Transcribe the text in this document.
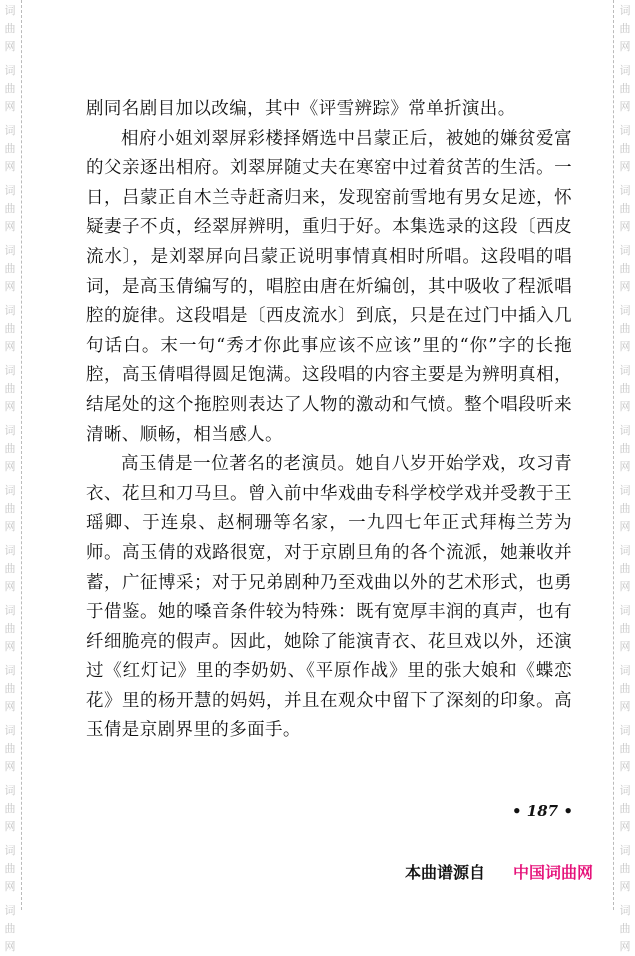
词
曲
网
词
曲
网
词
曲
网
词
曲
网
词
曲
网
词
曲
网
词
曲
网
词
曲
网
词
曲
网
词
曲
网
词
曲
网
词
曲
网
词
曲
网
词
曲
网
词
曲
网
词
曲
网
词
曲
网
词
曲
网
词
曲
网
词
曲
网
词
曲
网
词
曲
网
词
曲
网
词
曲
网
词
曲
网
词
曲
网
词
曲
网
词
曲
网
词
曲
网
词
曲
网
词
曲
网
词
曲
网

剧同名剧目加以改编，其中《评雪辨踪》常单折演出。

相府小姐刘翠屏彩楼择婿选中吕蒙正后，被她的嫌贫爱富的父亲逐出相府。刘翠屏随丈夫在寒窑中过着贫苦的生活。一日，吕蒙正自木兰寺赶斋归来，发现窑前雪地有男女足迹，怀疑妻子不贞，经翠屏辨明，重归于好。本集选录的这段〔西皮流水〕，是刘翠屏向吕蒙正说明事情真相时所唱。这段唱的唱词，是高玉倩编写的，唱腔由唐在炘编创，其中吸收了程派唱腔的旋律。这段唱是〔西皮流水〕到底，只是在过门中插入几句话白。末一句“秀才你此事应该不应该”里的“你”字的长拖腔，高玉倩唱得圆足饱满。这段唱的内容主要是为辨明真相，结尾处的这个拖腔则表达了人物的激动和气愤。整个唱段听来清晰、顺畅，相当感人。

高玉倩是一位著名的老演员。她自八岁开始学戏，攻习青衣、花旦和刀马旦。曾入前中华戏曲专科学校学戏并受教于王瑶卿、于连泉、赵桐珊等名家，一九四七年正式拜梅兰芳为师。高玉倩的戏路很宽，对于京剧旦角的各个流派，她兼收并蓄，广征博采；对于兄弟剧种乃至戏曲以外的艺术形式，也勇于借鉴。她的嗓音条件较为特殊：既有宽厚丰润的真声，也有纤细脆亮的假声。因此，她除了能演青衣、花旦戏以外，还演过《红灯记》里的李奶奶、《平原作战》里的张大娘和《蝶恋花》里的杨开慧的妈妈，并且在观众中留下了深刻的印象。高玉倩是京剧界里的多面手。

• 187 •
本曲谱源自 中国词曲网
